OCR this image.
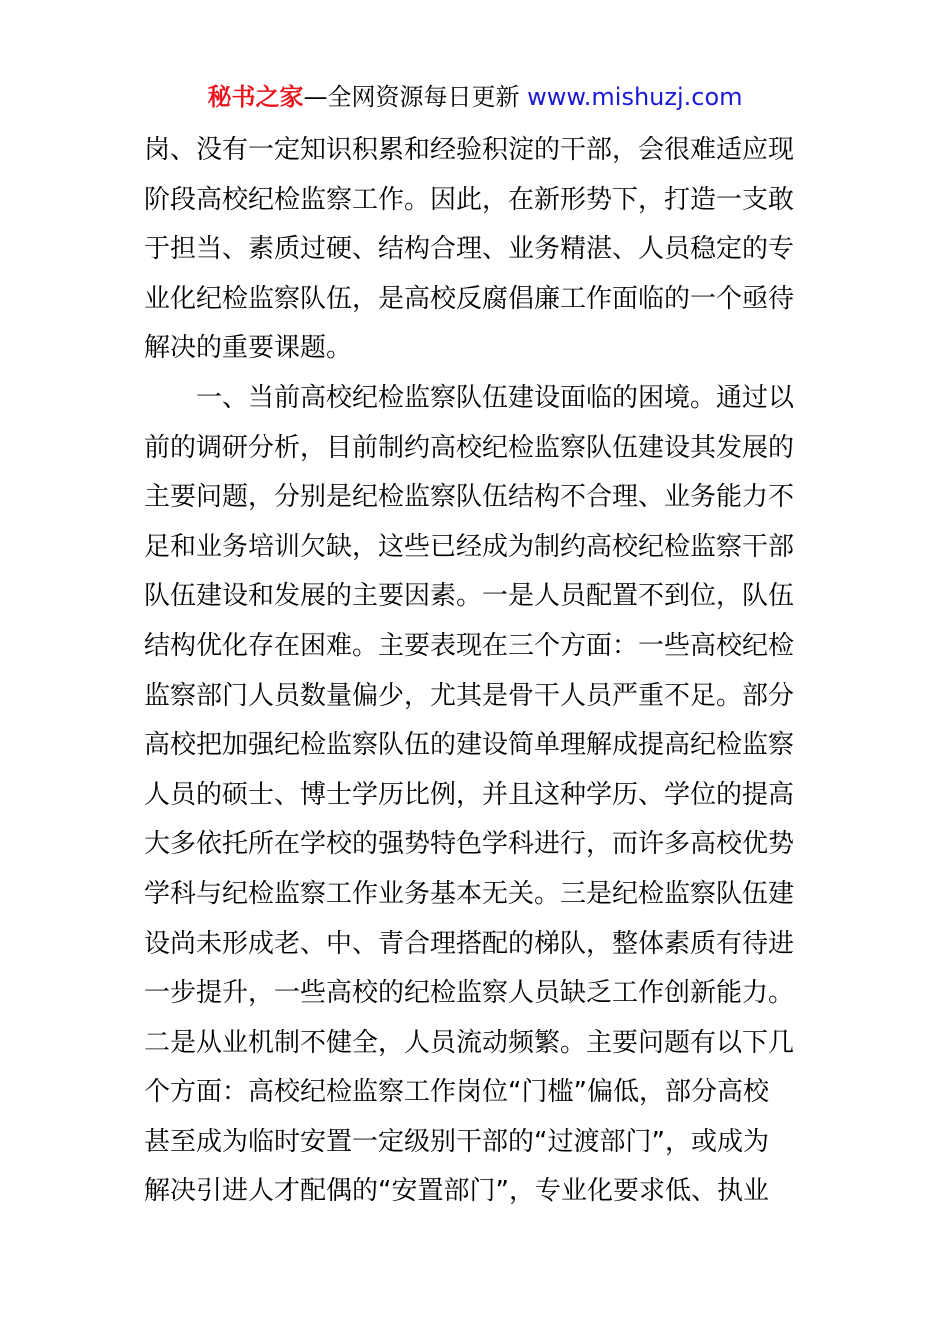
秘书之家—全网资源每日更新 www.mishuzj.com
岗、没有一定知识积累和经验积淀的干部，会很难适应现
阶段高校纪检监察工作。因此，在新形势下，打造一支敢
于担当、素质过硬、结构合理、业务精湛、人员稳定的专
业化纪检监察队伍，是高校反腐倡廉工作面临的一个亟待
解决的重要课题。
一、当前高校纪检监察队伍建设面临的困境。通过以
前的调研分析，目前制约高校纪检监察队伍建设其发展的
主要问题，分别是纪检监察队伍结构不合理、业务能力不
足和业务培训欠缺，这些已经成为制约高校纪检监察干部
队伍建设和发展的主要因素。一是人员配置不到位，队伍
结构优化存在困难。主要表现在三个方面：一些高校纪检
监察部门人员数量偏少，尤其是骨干人员严重不足。部分
高校把加强纪检监察队伍的建设简单理解成提高纪检监察
人员的硕士、博士学历比例，并且这种学历、学位的提高
大多依托所在学校的强势特色学科进行，而许多高校优势
学科与纪检监察工作业务基本无关。三是纪检监察队伍建
设尚未形成老、中、青合理搭配的梯队，整体素质有待进
一步提升，一些高校的纪检监察人员缺乏工作创新能力。
二是从业机制不健全，人员流动频繁。主要问题有以下几
个方面：高校纪检监察工作岗位“门槛”偏低，部分高校
甚至成为临时安置一定级别干部的“过渡部门”，或成为
解决引进人才配偶的“安置部门”，专业化要求低、执业
